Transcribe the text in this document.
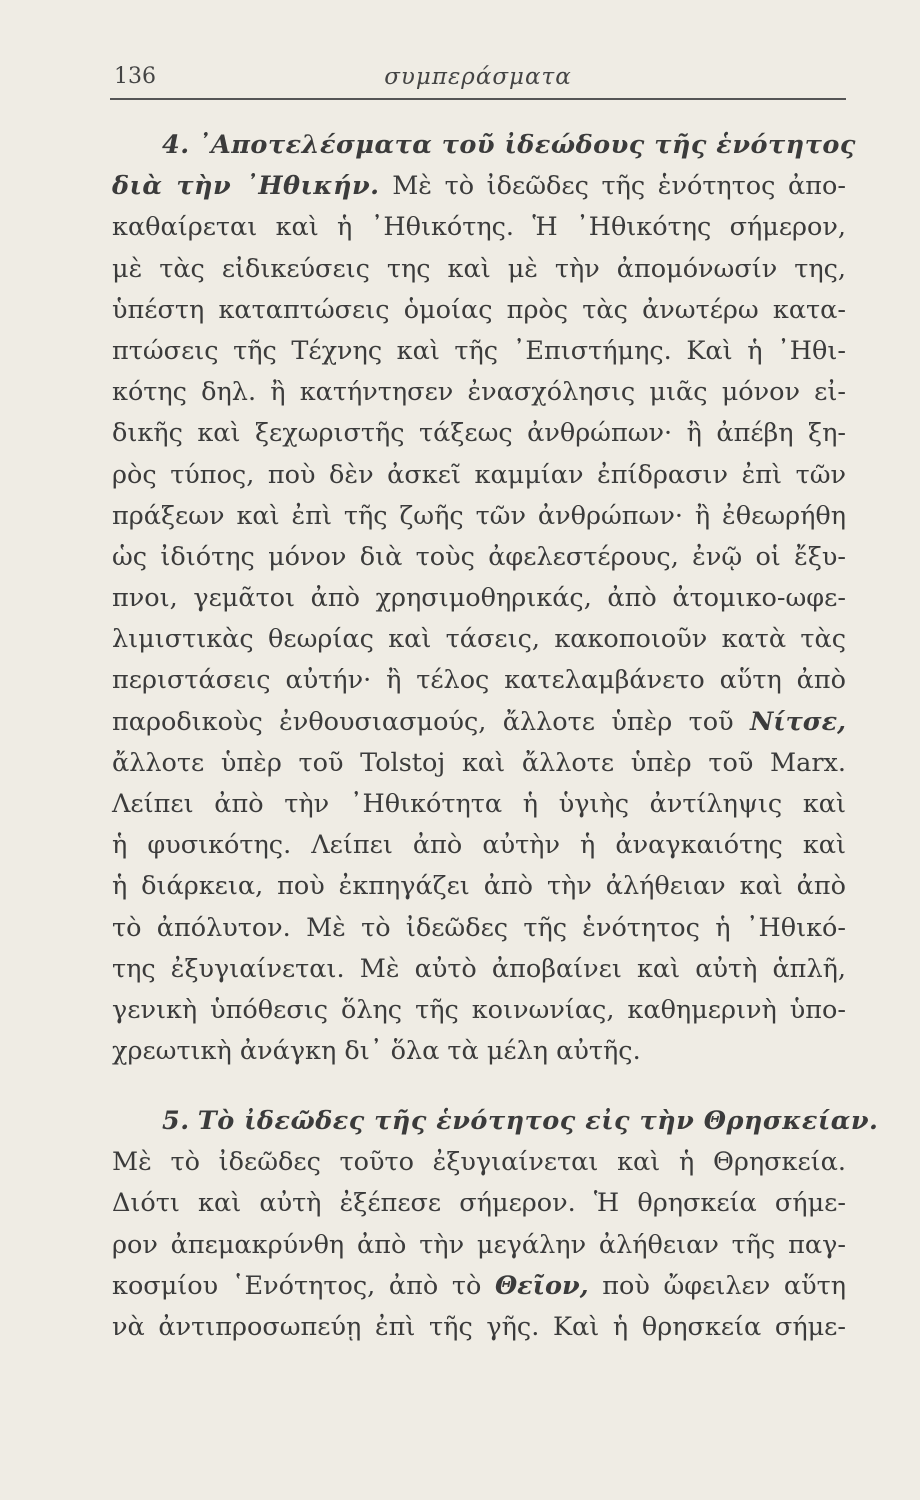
136	συμπεράσματα
4. ᾿Αποτελέσματα τοῦ ἰδεώδους τῆς ἑνότητος
διὰ τὴν ᾿Ηθικήν. Μὲ τὸ ἰδεῶδες τῆς ἑνότητος ἀπο-
καθαίρεται καὶ ἡ ᾿Ηθικότης. Ἡ ᾿Ηθικότης σήμερον,
μὲ τὰς εἰδικεύσεις της καὶ μὲ τὴν ἀπομόνωσίν της,
ὑπέστη καταπτώσεις ὁμοίας πρὸς τὰς ἀνωτέρω κατα-
πτώσεις τῆς Τέχνης καὶ τῆς ᾿Επιστήμης. Καὶ ἡ ᾿Ηθι-
κότης δηλ. ἢ κατήντησεν ἐνασχόλησις μιᾶς μόνον εἰ-
δικῆς καὶ ξεχωριστῆς τάξεως ἀνθρώπων· ἢ ἀπέβη ξη-
ρὸς τύπος, ποὺ δὲν ἀσκεῖ καμμίαν ἐπίδρασιν ἐπὶ τῶν
πράξεων καὶ ἐπὶ τῆς ζωῆς τῶν ἀνθρώπων· ἢ ἐθεωρήθη
ὡς ἰδιότης μόνον διὰ τοὺς ἀφελεστέρους, ἐνῷ οἱ ἔξυ-
πνοι, γεμᾶτοι ἀπὸ χρησιμοθηρικάς, ἀπὸ ἀτομικο-ωφε-
λιμιστικὰς θεωρίας καὶ τάσεις, κακοποιοῦν κατὰ τὰς
περιστάσεις αὐτήν· ἢ τέλος κατελαμβάνετο αὕτη ἀπὸ
παροδικοὺς ἐνθουσιασμούς, ἄλλοτε ὑπὲρ τοῦ Νίτσε,
ἄλλοτε ὑπὲρ τοῦ Tolstoj καὶ ἄλλοτε ὑπὲρ τοῦ Marx.
Λείπει ἀπὸ τὴν ᾿Ηθικότητα ἡ ὑγιὴς ἀντίληψις καὶ
ἡ φυσικότης. Λείπει ἀπὸ αὐτὴν ἡ ἀναγκαιότης καὶ
ἡ διάρκεια, ποὺ ἐκπηγάζει ἀπὸ τὴν ἀλήθειαν καὶ ἀπὸ
τὸ ἀπόλυτον. Μὲ τὸ ἰδεῶδες τῆς ἑνότητος ἡ ᾿Ηθικό-
της ἐξυγιαίνεται. Μὲ αὐτὸ ἀποβαίνει καὶ αὐτὴ ἁπλῆ,
γενικὴ ὑπόθεσις ὅλης τῆς κοινωνίας, καθημερινὴ ὑπο-
χρεωτικὴ ἀνάγκη δι᾿ ὅλα τὰ μέλη αὐτῆς.
5. Τὸ ἰδεῶδες τῆς ἑνότητος εἰς τὴν Θρησκείαν.
Μὲ τὸ ἰδεῶδες τοῦτο ἐξυγιαίνεται καὶ ἡ Θρησκεία.
Διότι καὶ αὐτὴ ἐξέπεσε σήμερον. Ἡ θρησκεία σήμε-
ρον ἀπεμακρύνθη ἀπὸ τὴν μεγάλην ἀλήθειαν τῆς παγ-
κοσμίου ῾Ενότητος, ἀπὸ τὸ Θεῖον, ποὺ ὤφειλεν αὕτη
νὰ ἀντιπροσωπεύῃ ἐπὶ τῆς γῆς. Καὶ ἡ θρησκεία σήμε-
